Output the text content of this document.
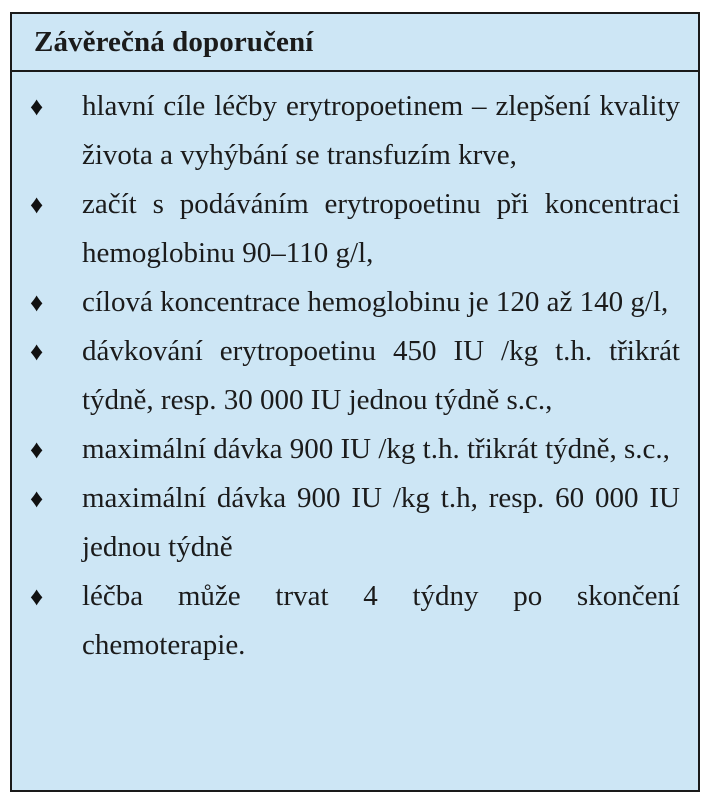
Závěrečná doporučení
♦	hlavní cíle léčby erytropoetinem – zlepšení kvality života a vyhýbání se transfuzím krve,
♦	začít s podáváním erytropoetinu při koncentraci hemoglobinu 90–110 g/l,
♦	cílová koncentrace hemoglobinu je 120 až 140 g/l,
♦	dávkování erytropoetinu 450 IU /kg t.h. třikrát týdně, resp. 30 000 IU jednou týdně s.c.,
♦	maximální dávka 900 IU /kg t.h. třikrát týdně, s.c.,
♦	maximální dávka 900 IU /kg t.h, resp. 60 000 IU jednou týdně
♦	léčba může trvat 4 týdny po skončení chemoterapie.
